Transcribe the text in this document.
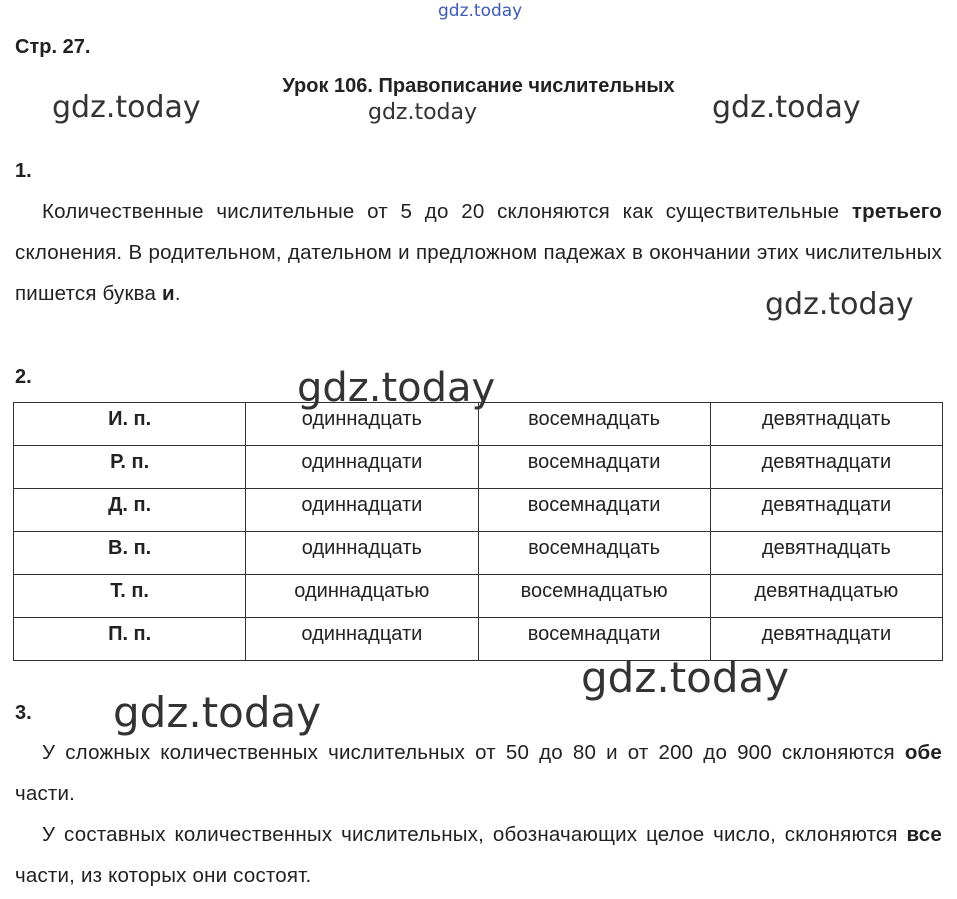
gdz.today
gdz.today	gdz.today	gdz.today
gdz.today
gdz.today
Стр. 27.
Урок 106. Правописание числительных
1.
Количественные числительные от 5 до 20 склоняются как существительные третьего склонения. В родительном, дательном и предложном падежах в окончании этих числительных пишется буква и.
2.
И. п.	одиннадцать	восемнадцать	девятнадцать
Р. п.	одиннадцати	восемнадцати	девятнадцати
Д. п.	одиннадцати	восемнадцати	девятнадцати
В. п.	одиннадцать	восемнадцать	девятнадцать
Т. п.	одиннадцатью	восемнадцатью	девятнадцатью
П. п.	одиннадцати	восемнадцати	девятнадцати
gdz.today
gdz.today
3.
У сложных количественных числительных от 50 до 80 и от 200 до 900 склоняются обе части.
У составных количественных числительных, обозначающих целое число, склоняются все части, из которых они состоят.
